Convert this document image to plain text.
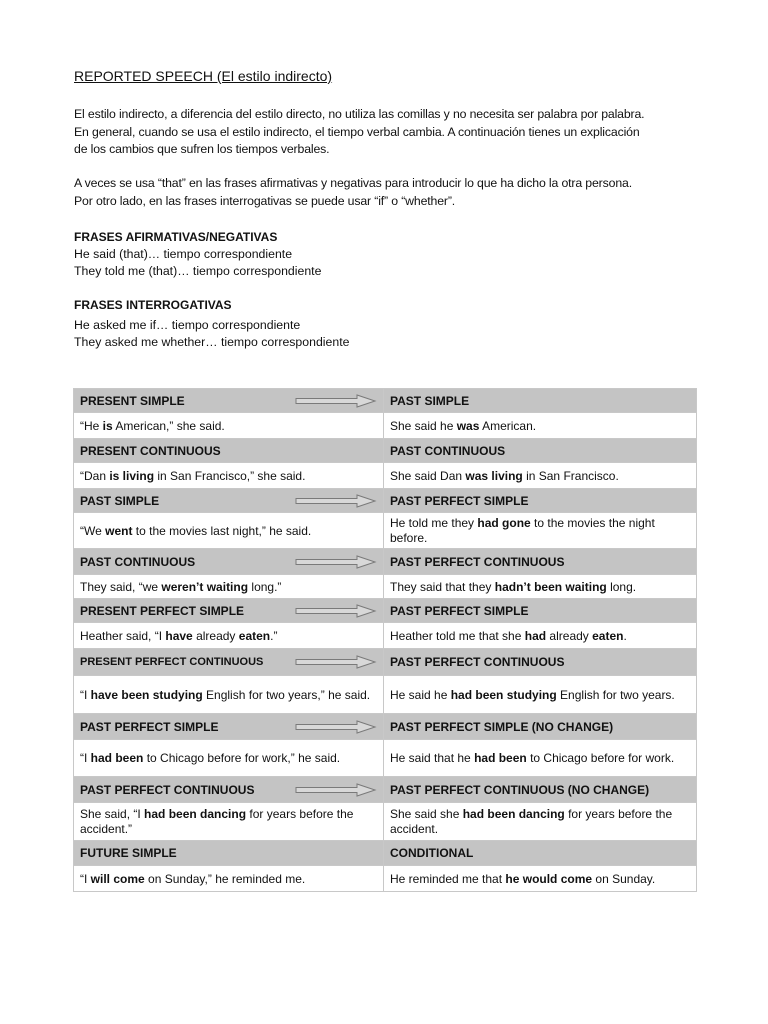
REPORTED SPEECH (El estilo indirecto)
El estilo indirecto, a diferencia del estilo directo, no utiliza las comillas y no necesita ser palabra por palabra.
En general, cuando se usa el estilo indirecto, el tiempo verbal cambia. A continuación tienes un explicación
de los cambios que sufren los tiempos verbales.
A veces se usa “that” en las frases afirmativas y negativas para introducir lo que ha dicho la otra persona.
Por otro lado, en las frases interrogativas se puede usar “if” o “whether”.
FRASES AFIRMATIVAS/NEGATIVAS
He said (that)… tiempo correspondiente
They told me (that)… tiempo correspondiente
FRASES INTERROGATIVAS
He asked me if… tiempo correspondiente
They asked me whether… tiempo correspondiente
PRESENT SIMPLE	PAST SIMPLE
“He is American,” she said.	She said he was American.
PRESENT CONTINUOUS	PAST CONTINUOUS
“Dan is living in San Francisco,” she said.	She said Dan was living in San Francisco.
PAST SIMPLE	PAST PERFECT SIMPLE
“We went to the movies last night,” he said.	He told me they had gone to the movies the night before.
PAST CONTINUOUS	PAST PERFECT CONTINUOUS
They said, “we weren’t waiting long.”	They said that they hadn’t been waiting long.
PRESENT PERFECT SIMPLE	PAST PERFECT SIMPLE
Heather said, “I have already eaten.”	Heather told me that she had already eaten.
PRESENT PERFECT CONTINUOUS	PAST PERFECT CONTINUOUS
“I have been studying English for two years,” he said.	He said he had been studying English for two years.
PAST PERFECT SIMPLE	PAST PERFECT SIMPLE (NO CHANGE)
“I had been to Chicago before for work,” he said.	He said that he had been to Chicago before for work.
PAST PERFECT CONTINUOUS	PAST PERFECT CONTINUOUS (NO CHANGE)
She said, “I had been dancing for years before the accident.”	She said she had been dancing for years before the accident.
FUTURE SIMPLE	CONDITIONAL
“I will come on Sunday,” he reminded me.	He reminded me that he would come on Sunday.
